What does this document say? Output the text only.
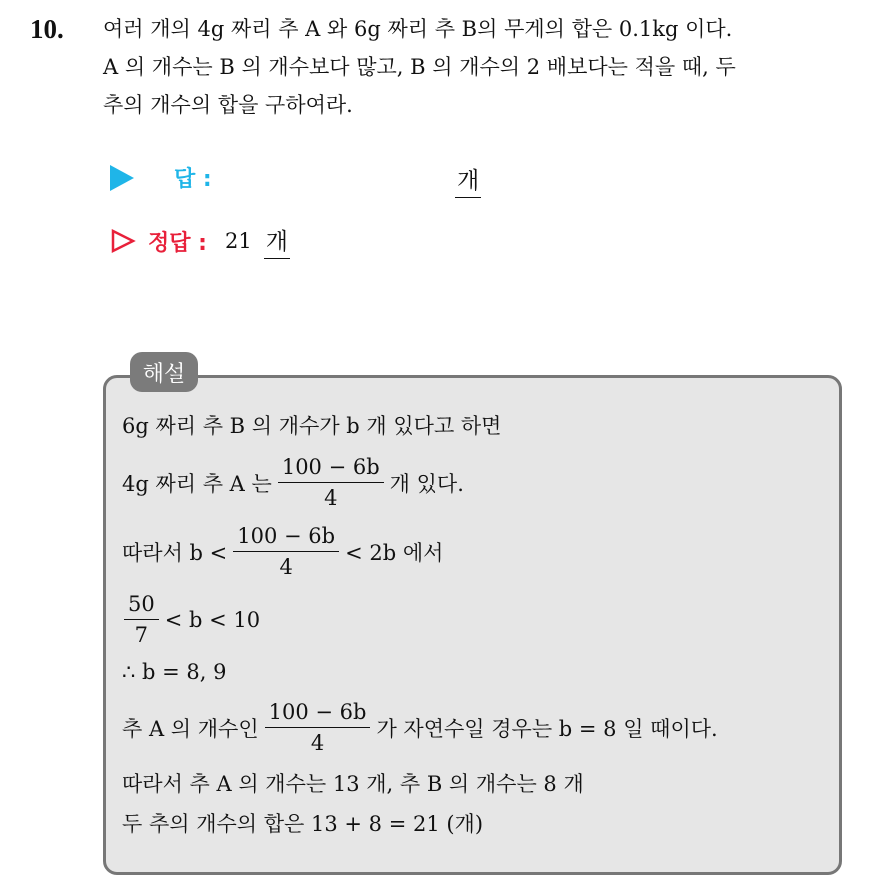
10. 여러 개의 4g 짜리 추 A 와 6g 짜리 추 B의 무게의 합은 0.1kg 이다.
A 의 개수는 B 의 개수보다 많고, B 의 개수의 2 배보다는 적을 때, 두
추의 개수의 합을 구하여라.
답 :	개
정답 : 21 개
해설
6g 짜리 추 B 의 개수가 b 개 있다고 하면
4g 짜리 추 A 는 $\frac{100 - 6b}{4}$ 개 있다.
따라서 $b < \frac{100 - 6b}{4} < 2b$ 에서
$\frac{50}{7} < b < 10$
∴ b = 8, 9
추 A 의 개수인 $\frac{100 - 6b}{4}$ 가 자연수일 경우는 b = 8 일 때이다.
따라서 추 A 의 개수는 13 개, 추 B 의 개수는 8 개
두 추의 개수의 합은 13 + 8 = 21 (개)
